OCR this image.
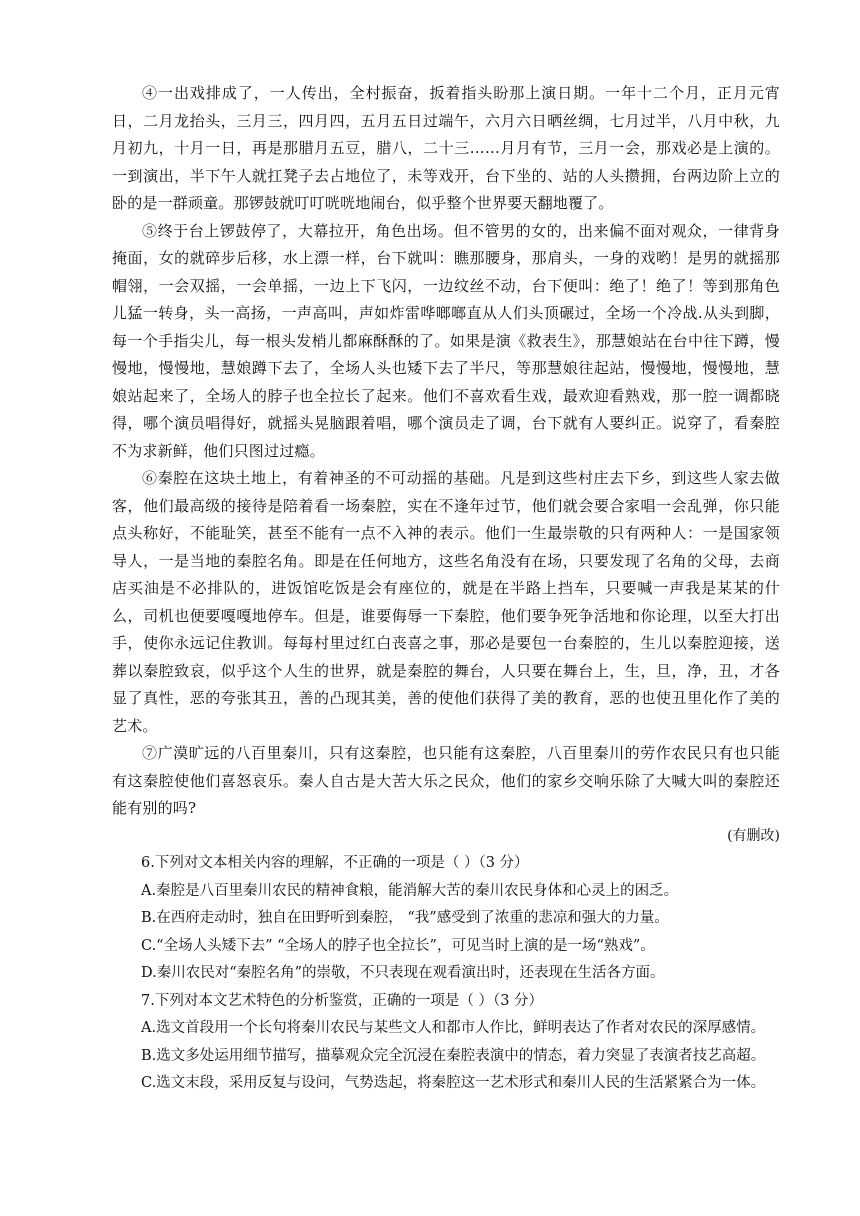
④一出戏排成了，一人传出，全村振奋，扳着指头盼那上演日期。一年十二个月，正月元宵日，二月龙抬头，三月三，四月四，五月五日过端午，六月六日晒丝绸，七月过半，八月中秋，九月初九，十月一日，再是那腊月五豆，腊八，二十三……月月有节，三月一会，那戏必是上演的。一到演出，半下午人就扛凳子去占地位了，未等戏开，台下坐的、站的人头攒拥，台两边阶上立的卧的是一群顽童。那锣鼓就叮叮咣咣地闹台，似乎整个世界要天翻地覆了。

⑤终于台上锣鼓停了，大幕拉开，角色出场。但不管男的女的，出来偏不面对观众，一律背身掩面，女的就碎步后移，水上漂一样，台下就叫：瞧那腰身，那肩头，一身的戏哟！是男的就摇那帽翎，一会双摇，一会单摇，一边上下飞闪，一边纹丝不动，台下便叫：绝了！绝了！等到那角色儿猛一转身，头一高扬，一声高叫，声如炸雷哗啷啷直从人们头顶碾过，全场一个冷战.从头到脚，每一个手指尖儿，每一根头发梢儿都麻酥酥的了。如果是演《救表生》，那慧娘站在台中往下蹲，慢慢地，慢慢地，慧娘蹲下去了，全场人头也矮下去了半尺，等那慧娘往起站，慢慢地，慢慢地，慧娘站起来了，全场人的脖子也全拉长了起来。他们不喜欢看生戏，最欢迎看熟戏，那一腔一调都晓得，哪个演员唱得好，就摇头晃脑跟着唱，哪个演员走了调，台下就有人要纠正。说穿了，看秦腔不为求新鲜，他们只图过过瘾。

⑥秦腔在这块土地上，有着神圣的不可动摇的基础。凡是到这些村庄去下乡，到这些人家去做客，他们最高级的接待是陪着看一场秦腔，实在不逢年过节，他们就会要合家唱一会乱弹，你只能点头称好，不能耻笑，甚至不能有一点不入神的表示。他们一生最崇敬的只有两种人：一是国家领导人，一是当地的秦腔名角。即是在任何地方，这些名角没有在场，只要发现了名角的父母，去商店买油是不必排队的，进饭馆吃饭是会有座位的，就是在半路上挡车，只要喊一声我是某某的什么，司机也便要嘎嘎地停车。但是，谁要侮辱一下秦腔，他们要争死争活地和你论理，以至大打出手，使你永远记住教训。每每村里过红白丧喜之事，那必是要包一台秦腔的，生儿以秦腔迎接，送葬以秦腔致哀，似乎这个人生的世界，就是秦腔的舞台，人只要在舞台上，生，旦，净，丑，才各显了真性，恶的夸张其丑，善的凸现其美，善的使他们获得了美的教育，恶的也使丑里化作了美的艺术。

⑦广漠旷远的八百里秦川，只有这秦腔，也只能有这秦腔，八百里秦川的劳作农民只有也只能有这秦腔使他们喜怒哀乐。秦人自古是大苦大乐之民众，他们的家乡交响乐除了大喊大叫的秦腔还能有别的吗?

(有删改)

6.下列对文本相关内容的理解，不正确的一项是（ ）（3 分）

A.秦腔是八百里秦川农民的精神食粮，能消解大苦的秦川农民身体和心灵上的困乏。

B.在西府走动时，独自在田野听到秦腔， “我”感受到了浓重的悲凉和强大的力量。

C.“全场人头矮下去” “全场人的脖子也全拉长”，可见当时上演的是一场“熟戏”。

D.秦川农民对“秦腔名角”的崇敬，不只表现在观看演出时，还表现在生活各方面。

7.下列对本文艺术特色的分析鉴赏，正确的一项是（ ）（3 分）

A.选文首段用一个长句将秦川农民与某些文人和都市人作比，鲜明表达了作者对农民的深厚感情。

B.选文多处运用细节描写，描摹观众完全沉浸在秦腔表演中的情态，着力突显了表演者技艺高超。

C.选文末段，采用反复与设问，气势迭起，将秦腔这一艺术形式和秦川人民的生活紧紧合为一体。
